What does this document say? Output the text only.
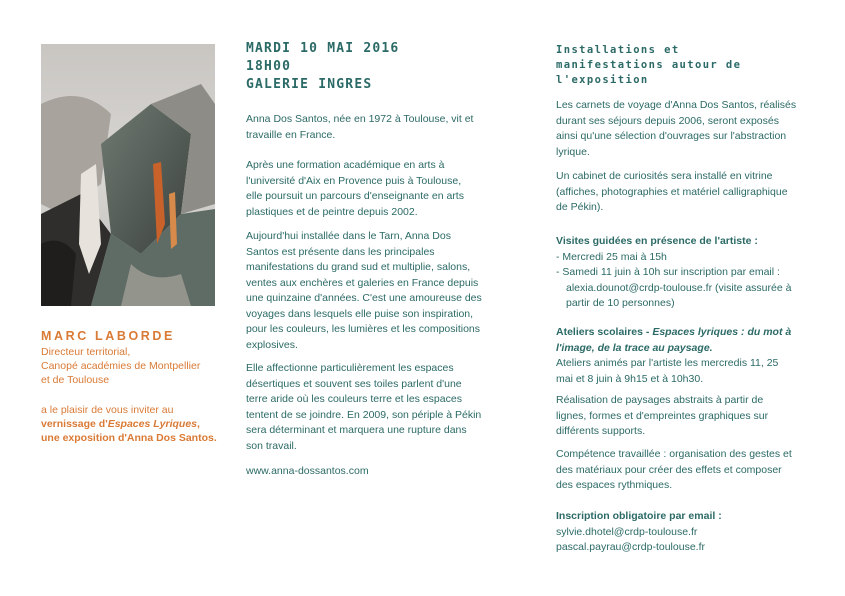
MARC LABORDE
Directeur territorial,
Canopé académies de Montpellier
et de Toulouse
a le plaisir de vous inviter au
vernissage d'Espaces Lyriques,
une exposition d'Anna Dos Santos.
MARDI 10 MAI 2016
18H00
GALERIE INGRES
Anna Dos Santos, née en 1972 à Toulouse, vit et
travaille en France.
Après une formation académique en arts à
l'université d'Aix en Provence puis à Toulouse,
elle poursuit un parcours d'enseignante en arts
plastiques et de peintre depuis 2002.
Aujourd'hui installée dans le Tarn, Anna Dos
Santos est présente dans les principales
manifestations du grand sud et multiplie, salons,
ventes aux enchères et galeries en France depuis
une quinzaine d'années. C'est une amoureuse des
voyages dans lesquels elle puise son inspiration,
pour les couleurs, les lumières et les compositions
explosives.
Elle affectionne particulièrement les espaces
désertiques et souvent ses toiles parlent d'une
terre aride où les couleurs terre et les espaces
tentent de se joindre. En 2009, son périple à Pékin
sera déterminant et marquera une rupture dans
son travail.
www.anna-dossantos.com
Installations et
manifestations autour de
l'exposition
Les carnets de voyage d'Anna Dos Santos, réalisés
durant ses séjours depuis 2006, seront exposés
ainsi qu'une sélection d'ouvrages sur l'abstraction
lyrique.
Un cabinet de curiosités sera installé en vitrine
(affiches, photographies et matériel calligraphique
de Pékin).
Visites guidées en présence de l'artiste :
- Mercredi 25 mai à 15h
- Samedi 11 juin à 10h sur inscription par email :
alexia.dounot@crdp-toulouse.fr (visite assurée à
partir de 10 personnes)
Ateliers scolaires - Espaces lyriques : du mot à
l'image, de la trace au paysage.
Ateliers animés par l'artiste les mercredis 11, 25
mai et 8 juin à 9h15 et à 10h30.
Réalisation de paysages abstraits à partir de
lignes, formes et d'empreintes graphiques sur
différents supports.
Compétence travaillée : organisation des gestes et
des matériaux pour créer des effets et composer
des espaces rythmiques.
Inscription obligatoire par email :
sylvie.dhotel@crdp-toulouse.fr
pascal.payrau@crdp-toulouse.fr
